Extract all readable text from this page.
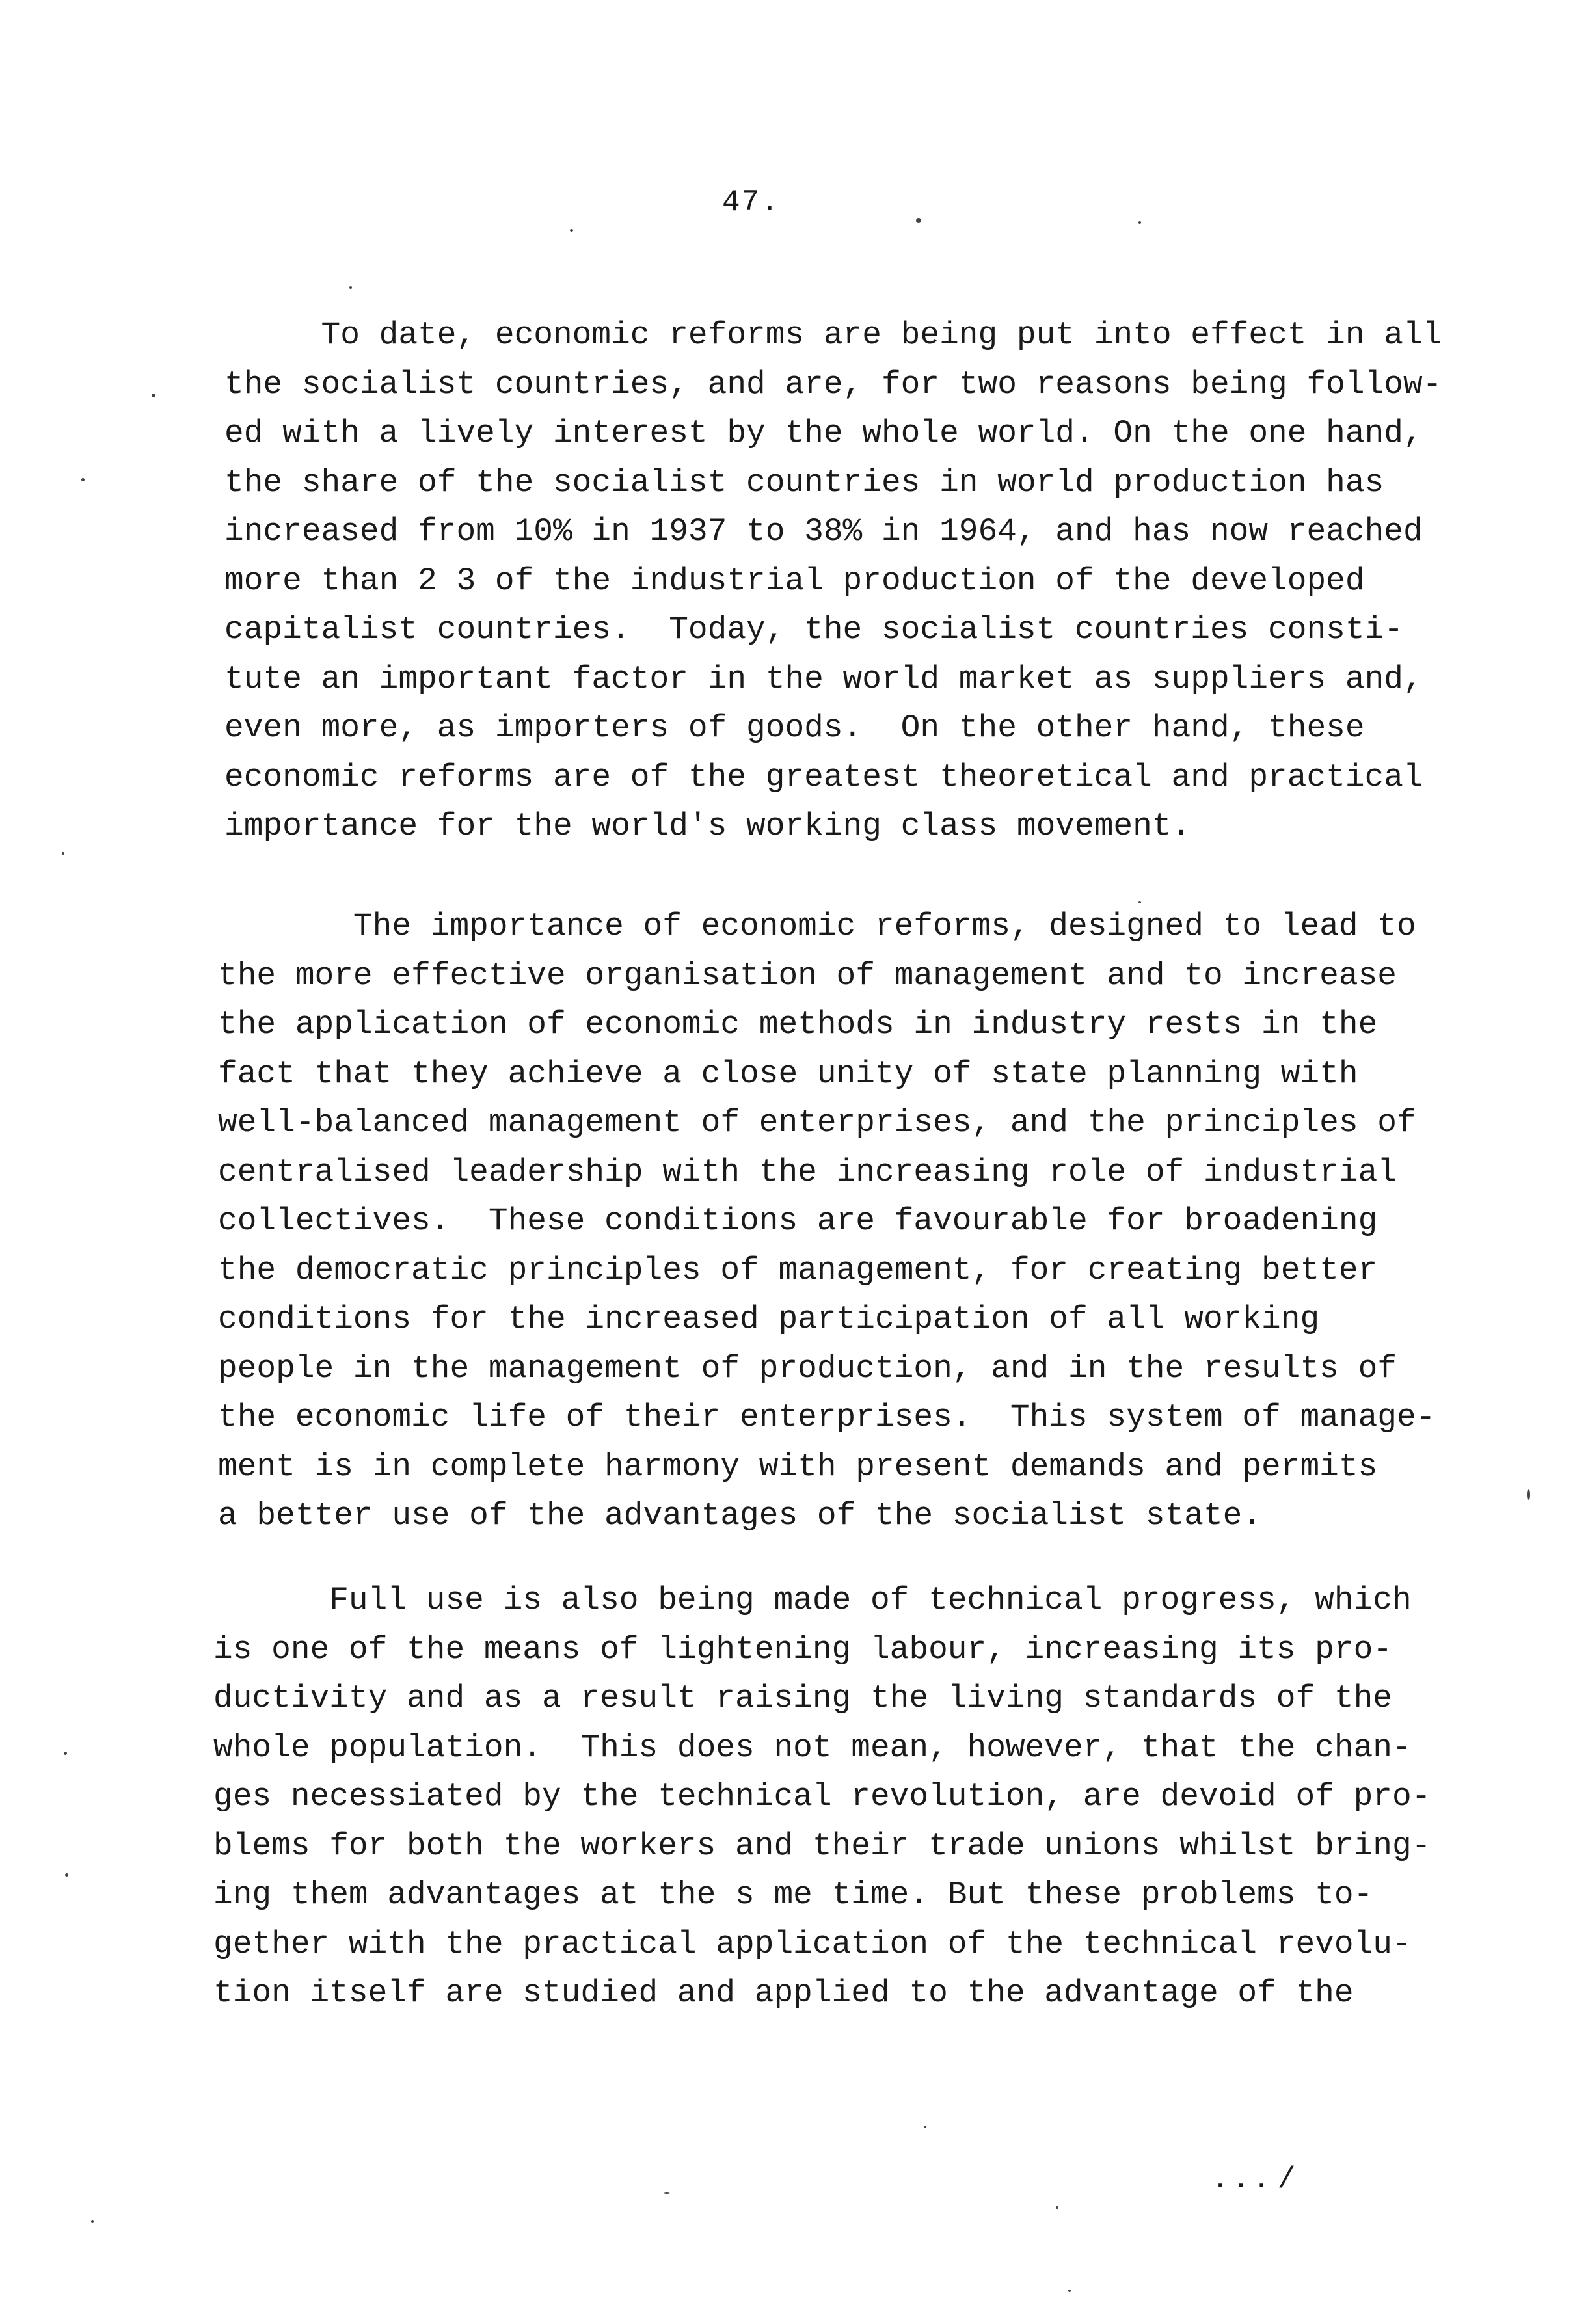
47.
To date, economic reforms are being put into effect in all
the socialist countries, and are, for two reasons being follow-
ed with a lively interest by the whole world. On the one hand,
the share of the socialist countries in world production has
increased from 10% in 1937 to 38% in 1964, and has now reached
more than 2 3 of the industrial production of the developed
capitalist countries.  Today, the socialist countries consti-
tute an important factor in the world market as suppliers and,
even more, as importers of goods.  On the other hand, these
economic reforms are of the greatest theoretical and practical
importance for the world's working class movement.
The importance of economic reforms, designed to lead to
the more effective organisation of management and to increase
the application of economic methods in industry rests in the
fact that they achieve a close unity of state planning with
well-balanced management of enterprises, and the principles of
centralised leadership with the increasing role of industrial
collectives.  These conditions are favourable for broadening
the democratic principles of management, for creating better
conditions for the increased participation of all working
people in the management of production, and in the results of
the economic life of their enterprises.  This system of manage-
ment is in complete harmony with present demands and permits
a better use of the advantages of the socialist state.
Full use is also being made of technical progress, which
is one of the means of lightening labour, increasing its pro-
ductivity and as a result raising the living standards of the
whole population.  This does not mean, however, that the chan-
ges necessiated by the technical revolution, are devoid of pro-
blems for both the workers and their trade unions whilst bring-
ing them advantages at the s me time. But these problems to-
gether with the practical application of the technical revolu-
tion itself are studied and applied to the advantage of the
... /
